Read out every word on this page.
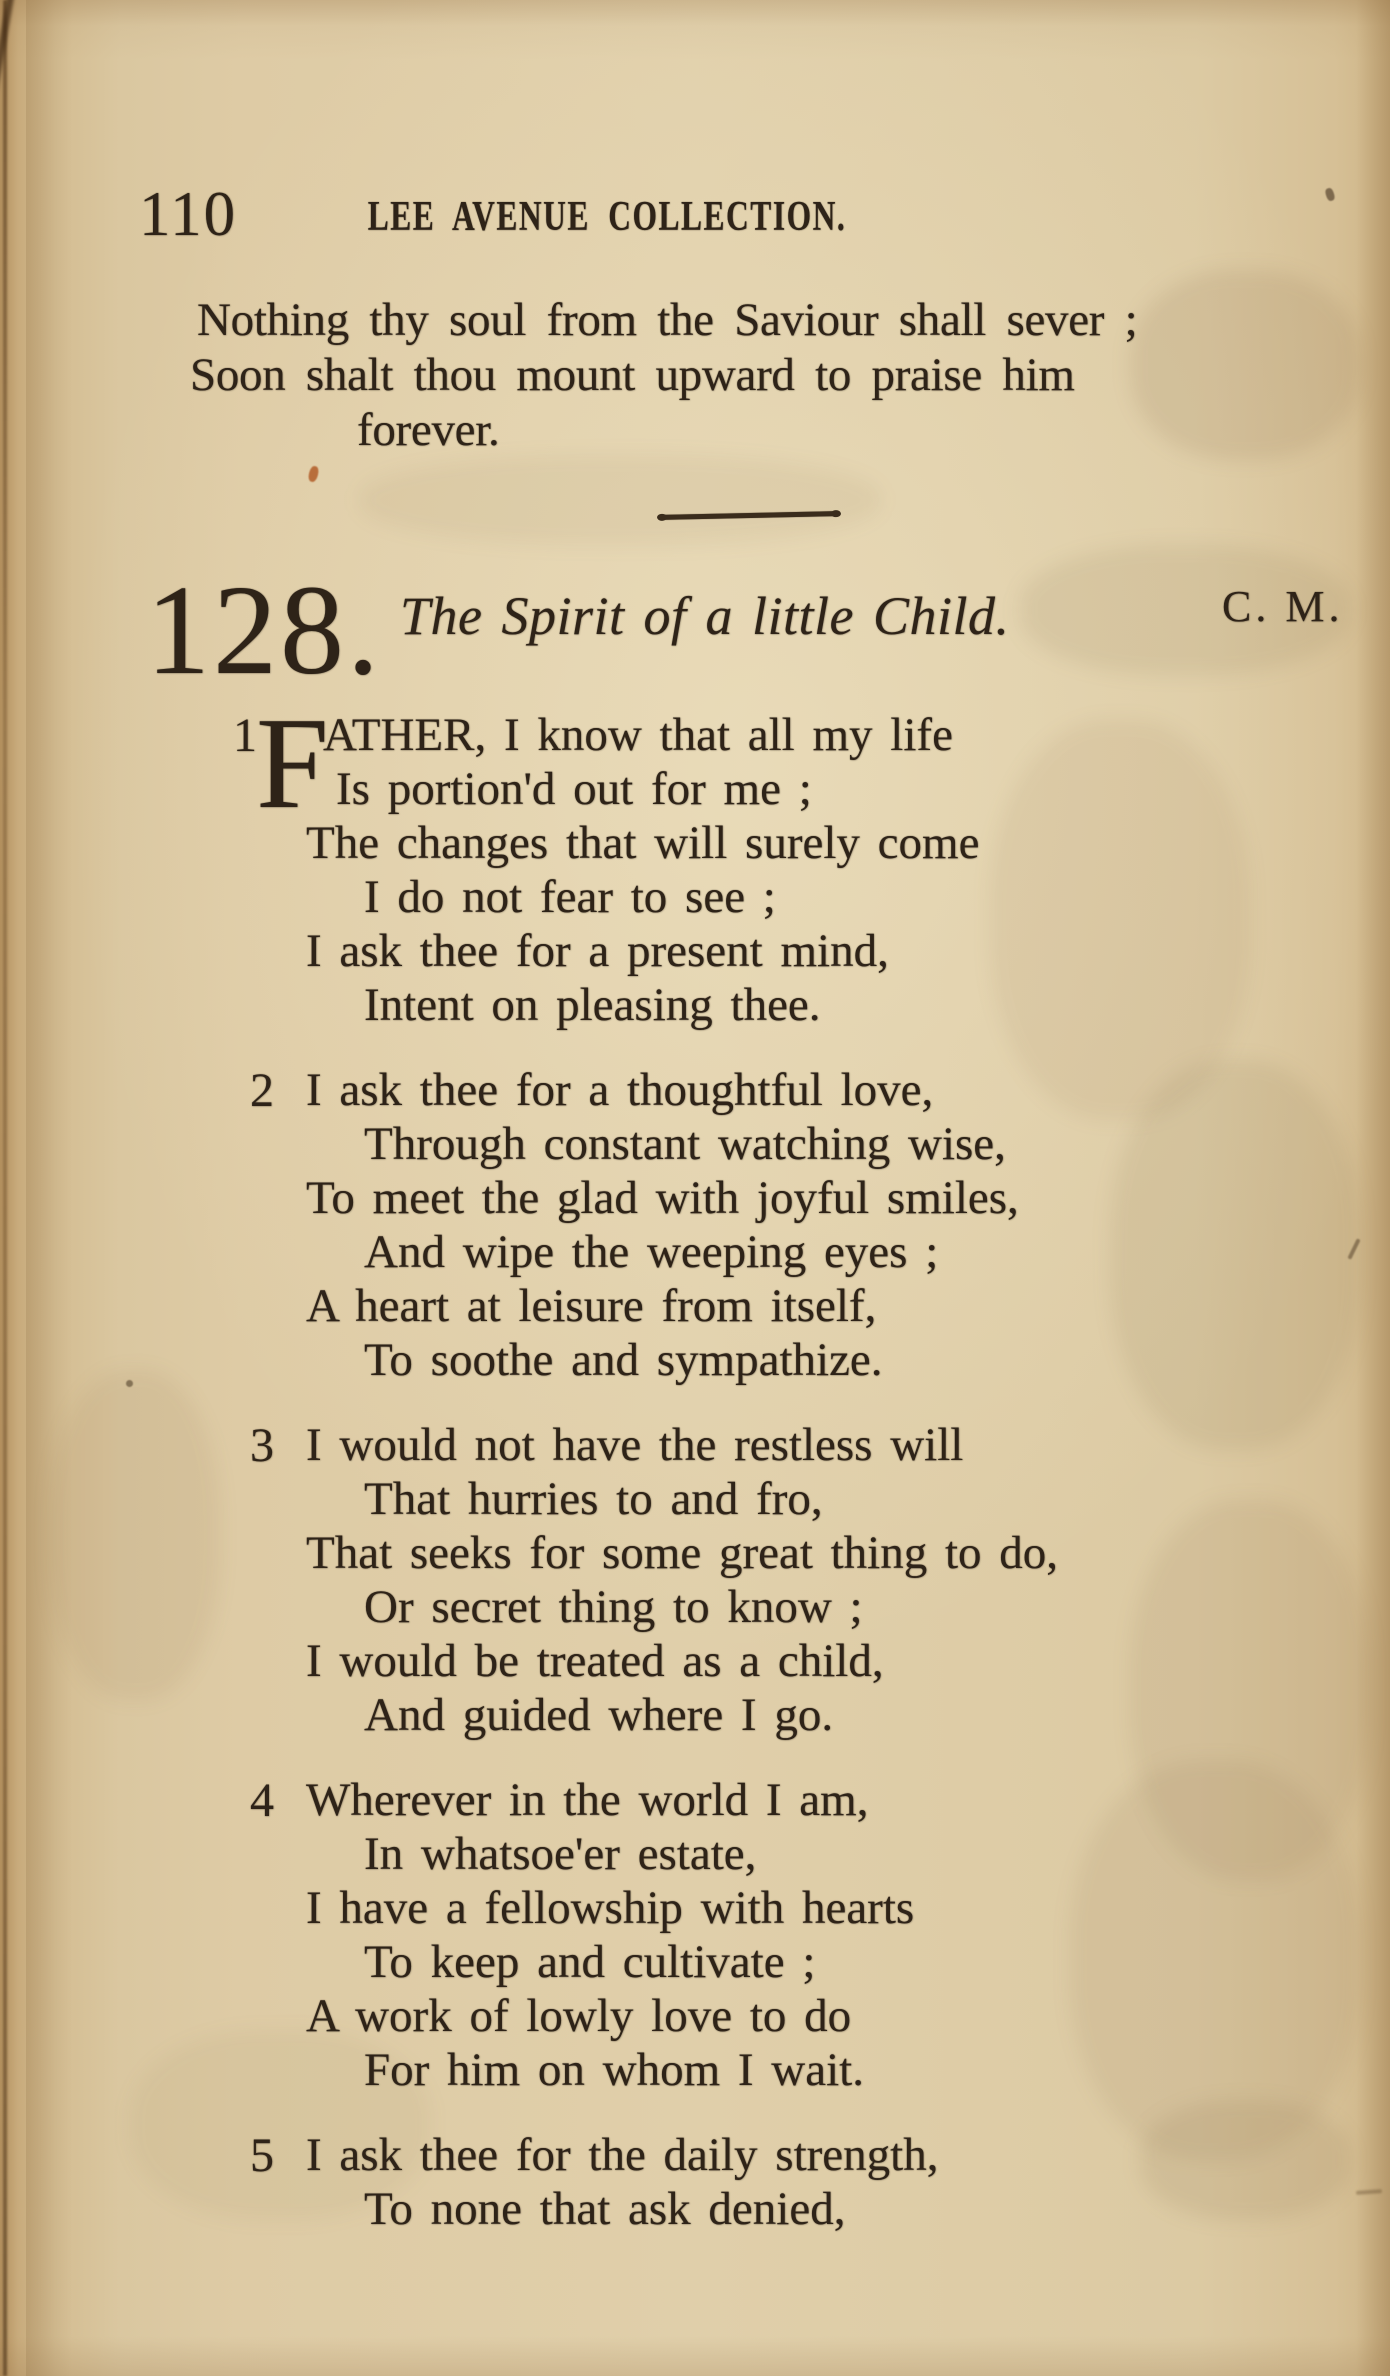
110	LEE AVENUE COLLECTION.
Nothing thy soul from the Saviour shall sever ;
Soon shalt thou mount upward to praise him
forever.
128. The Spirit of a little Child.	C. M.
1 F
ATHER, I know that all my life
Is portion'd out for me ;
The changes that will surely come
I do not fear to see ;
I ask thee for a present mind,
Intent on pleasing thee.
2 I ask thee for a thoughtful love,
Through constant watching wise,
To meet the glad with joyful smiles,
And wipe the weeping eyes ;
A heart at leisure from itself,
To soothe and sympathize.
3 I would not have the restless will
That hurries to and fro,
That seeks for some great thing to do,
Or secret thing to know ;
I would be treated as a child,
And guided where I go.
4 Wherever in the world I am,
In whatsoe'er estate,
I have a fellowship with hearts
To keep and cultivate ;
A work of lowly love to do
For him on whom I wait.
5 I ask thee for the daily strength,
To none that ask denied,
